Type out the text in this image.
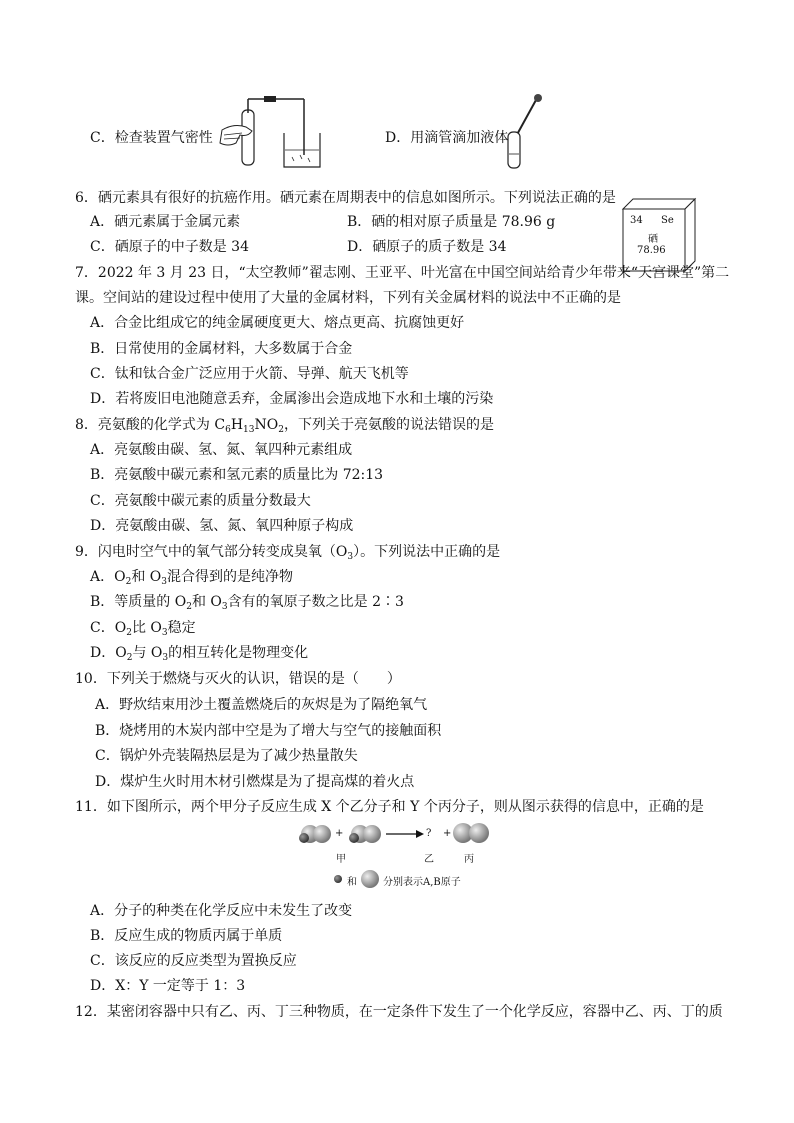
C．检查装置气密性	D．用滴管滴加液体
6．硒元素具有很好的抗癌作用。硒元素在周期表中的信息如图所示。下列说法正确的是
A．硒元素属于金属元素	B．硒的相对原子质量是 78.96 g
C．硒原子的中子数是 34	D．硒原子的质子数是 34
34 Se
硒
78.96
7．2022 年 3 月 23 日，“太空教师”翟志刚、王亚平、叶光富在中国空间站给青少年带来“天宫课堂”第二
课。空间站的建设过程中使用了大量的金属材料，下列有关金属材料的说法中不正确的是
A．合金比组成它的纯金属硬度更大、熔点更高、抗腐蚀更好
B．日常使用的金属材料，大多数属于合金
C．钛和钛合金广泛应用于火箭、导弹、航天飞机等
D．若将废旧电池随意丢弃，金属渗出会造成地下水和土壤的污染
8．亮氨酸的化学式为 $C_6H_{13}NO_2$，下列关于亮氨酸的说法错误的是
A．亮氨酸由碳、氢、氮、氧四种元素组成
B．亮氨酸中碳元素和氢元素的质量比为 72:13
C．亮氨酸中碳元素的质量分数最大
D．亮氨酸由碳、氢、氮、氧四种原子构成
9．闪电时空气中的氧气部分转变成臭氧$(O_3)$。下列说法中正确的是
A．$O_2$和 $O_3$混合得到的是纯净物
B．等质量的 $O_2$和 $O_3$含有的氧原子数之比是 2∶3
C．$O_2$比 $O_3$稳定
D．$O_2$与 $O_3$的相互转化是物理变化
10．下列关于燃烧与灭火的认识，错误的是（　　）
A．野炊结束用沙土覆盖燃烧后的灰烬是为了隔绝氧气
B．烧烤用的木炭内部中空是为了增大与空气的接触面积
C．锅炉外壳装隔热层是为了减少热量散失
D．煤炉生火时用木材引燃煤是为了提高煤的着火点
11．如下图所示，两个甲分子反应生成 X 个乙分子和 Y 个丙分子，则从图示获得的信息中，正确的是
+	? +
甲	乙	丙
和	分别表示A,B原子
A．分子的种类在化学反应中未发生了改变
B．反应生成的物质丙属于单质
C．该反应的反应类型为置换反应
D．X：Y 一定等于 1：3
12．某密闭容器中只有乙、丙、丁三种物质，在一定条件下发生了一个化学反应，容器中乙、丙、丁的质
